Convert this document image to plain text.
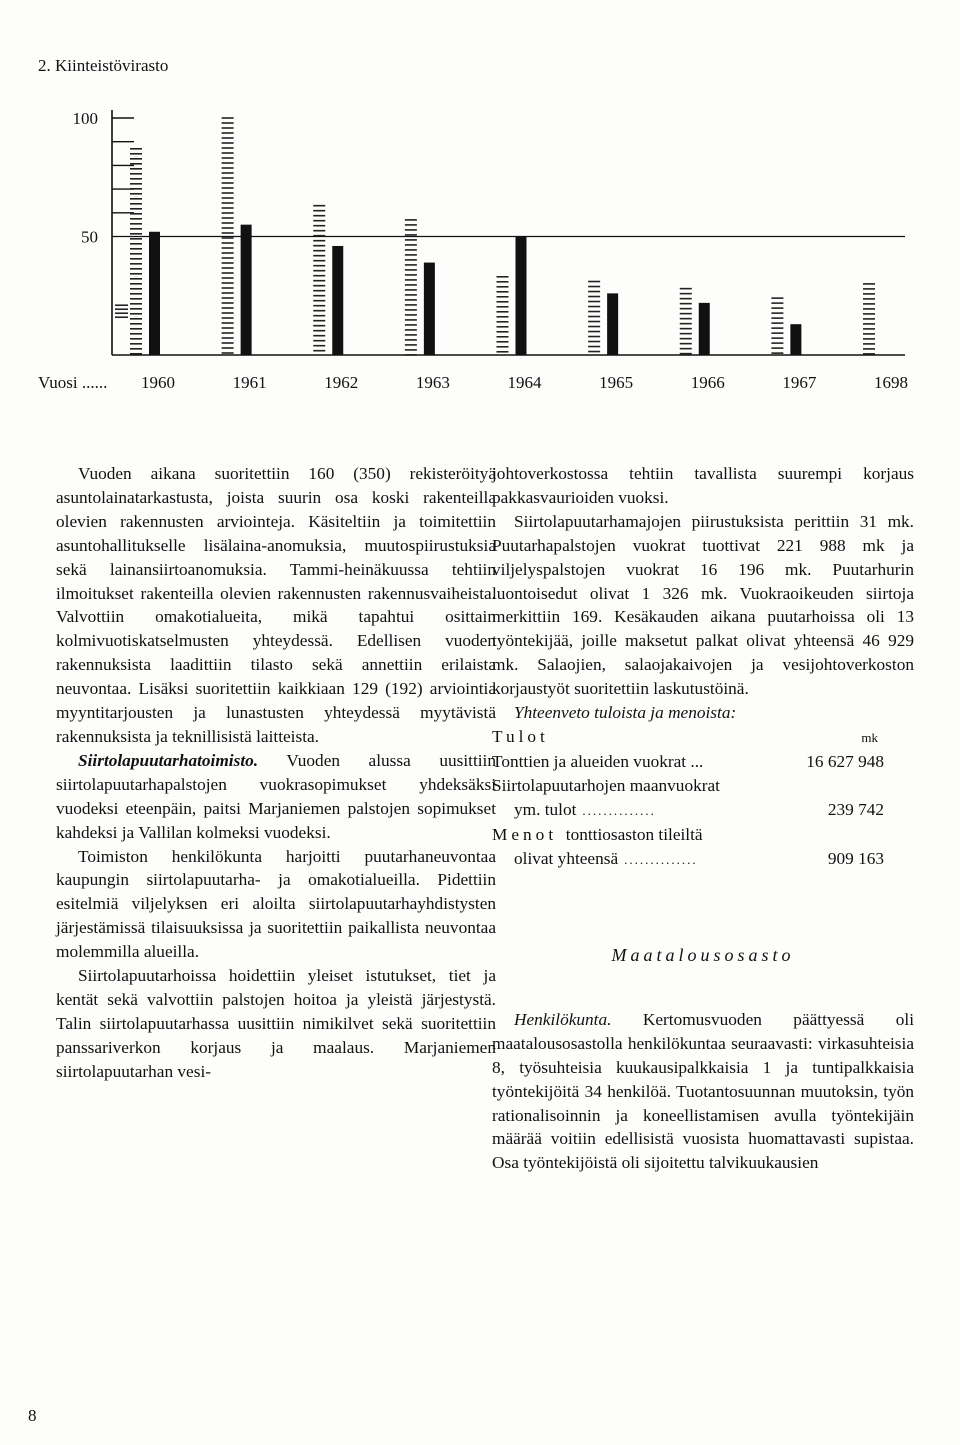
2. Kiinteistövirasto
100
50
Vuosi ...... 1960	1961	1962	1963	1964	1965	1966	1967	1698

Vuoden aikana suoritettiin 160 (350) rekisteröityä asuntolainatarkastusta, joista suurin osa koski rakenteilla olevien rakennusten arviointeja. Käsiteltiin ja toimitettiin asuntohallitukselle lisälaina-anomuksia, muutospiirustuksia sekä lainansiirtoanomuksia. Tammi-heinäkuussa tehtiin ilmoitukset rakenteilla olevien rakennusten rakennusvaiheista. Valvottiin omakotialueita, mikä tapahtui osittain kolmivuotiskatselmusten yhteydessä. Edellisen vuoden rakennuksista laadittiin tilasto sekä annettiin erilaista neuvontaa. Lisäksi suoritettiin kaikkiaan 129 (192) arviointia myyntitarjousten ja lunastusten yhteydessä myytävistä rakennuksista ja teknillisistä laitteista.

Siirtolapuutarhatoimisto. Vuoden alussa uusittiin siirtolapuutarhapalstojen vuokrasopimukset yhdeksäksi vuodeksi eteenpäin, paitsi Marjaniemen palstojen sopimukset kahdeksi ja Vallilan kolmeksi vuodeksi.

Toimiston henkilökunta harjoitti puutarhaneuvontaa kaupungin siirtolapuutarha- ja omakotialueilla. Pidettiin esitelmiä viljelyksen eri aloilta siirtolapuutarhayhdistysten järjestämissä tilaisuuksissa ja suoritettiin paikallista neuvontaa molemmilla alueilla.

Siirtolapuutarhoissa hoidettiin yleiset istutukset, tiet ja kentät sekä valvottiin palstojen hoitoa ja yleistä järjestystä. Talin siirtolapuutarhassa uusittiin nimikilvet sekä suoritettiin panssariverkon korjaus ja maalaus. Marjaniemen siirtolapuutarhan vesi-

johtoverkostossa tehtiin tavallista suurempi korjaus pakkasvaurioiden vuoksi.

Siirtolapuutarhamajojen piirustuksista perittiin 31 mk. Puutarhapalstojen vuokrat tuottivat 221 988 mk ja viljelyspalstojen vuokrat 16 196 mk. Puutarhurin luontoisedut olivat 1 326 mk. Vuokraoikeuden siirtoja merkittiin 169. Kesäkauden aikana puutarhoissa oli 13 työntekijää, joille maksetut palkat olivat yhteensä 46 929 mk. Salaojien, salaojakaivojen ja vesijohtoverkoston korjaustyöt suoritettiin laskutustöinä.

Yhteenveto tuloista ja menoista:

Tulot	mk
Tonttien ja alueiden vuokrat ...	16 627 948
Siirtolapuutarhojen maanvuokrat
ym. tulot ..............	239 742
Menot
tonttiosaston tileiltä
olivat yhteensä ..............	909 163
Maatalousosasto

Henkilökunta. Kertomusvuoden päättyessä oli maatalousosastolla henkilökuntaa seuraavasti: virkasuhteisia 8, työsuhteisia kuukausipalkkaisia 1 ja tuntipalkkaisia työntekijöitä 34 henkilöä. Tuotantosuunnan muutoksin, työn rationalisoinnin ja koneellistamisen avulla työntekijäin määrää voitiin edellisistä vuosista huomattavasti supistaa. Osa työntekijöistä oli sijoitettu talvikuukausien

8
